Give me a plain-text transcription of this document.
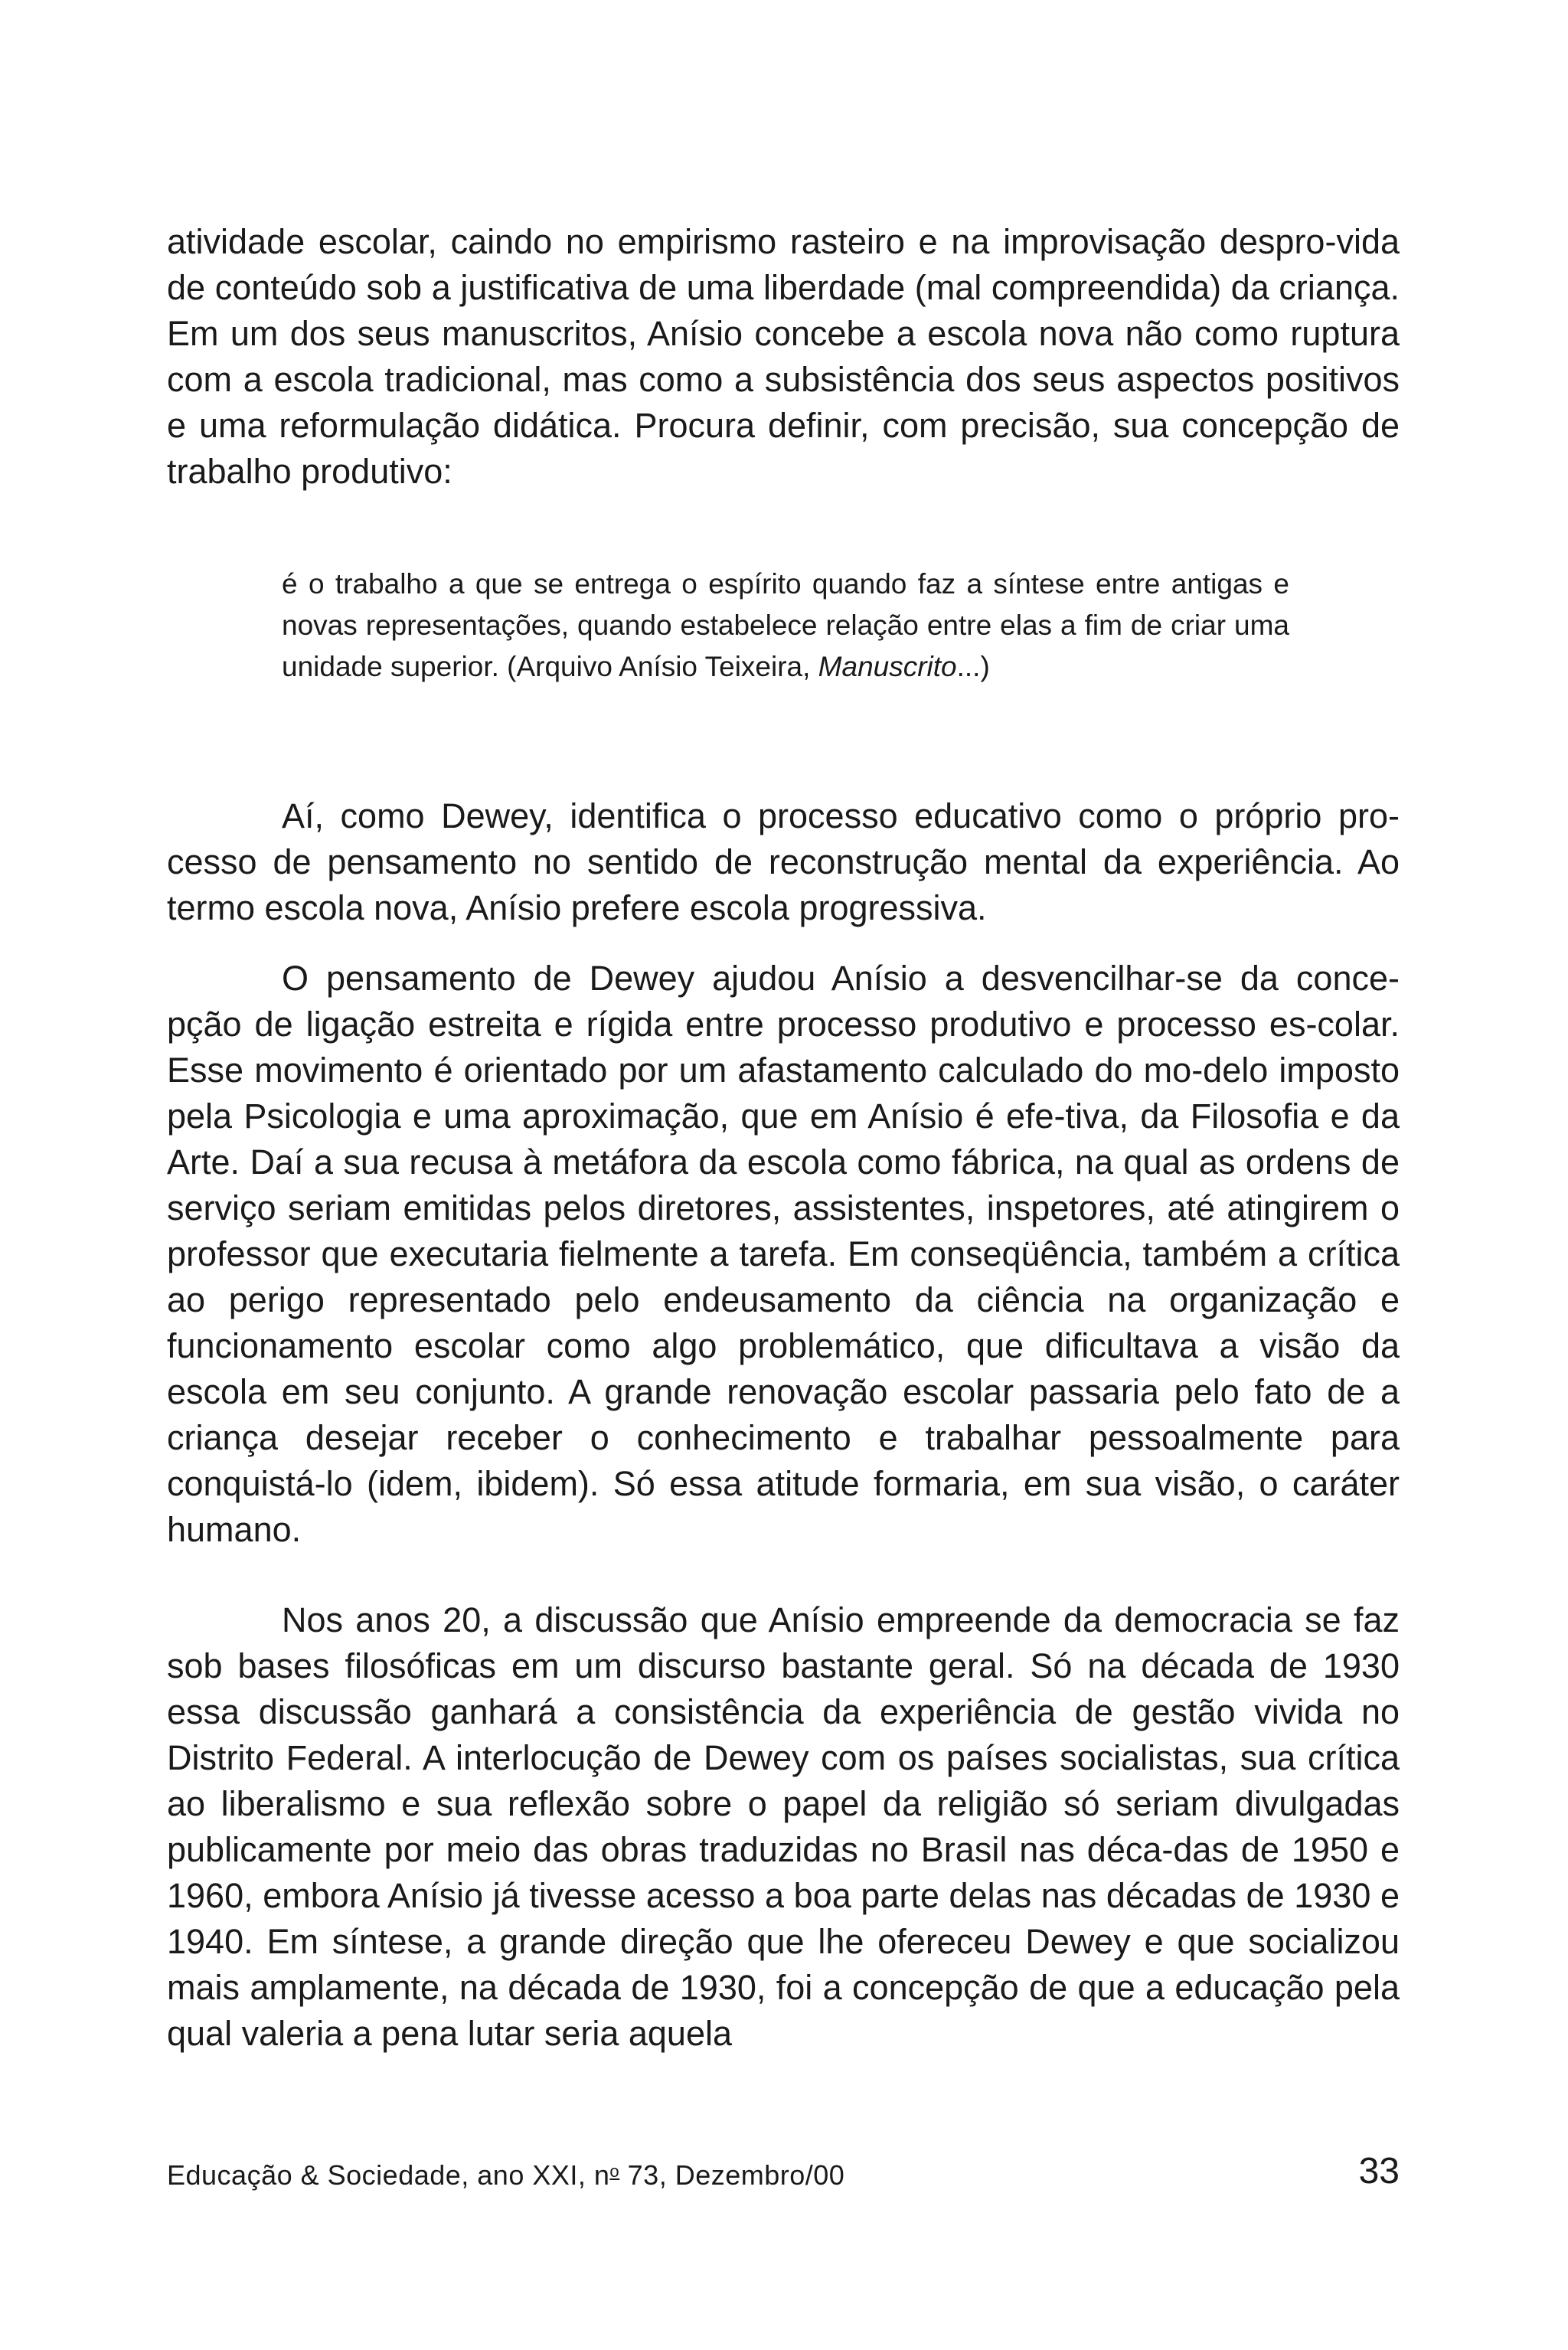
atividade escolar, caindo no empirismo rasteiro e na improvisação despro-vida de conteúdo sob a justificativa de uma liberdade (mal compreendida) da criança. Em um dos seus manuscritos, Anísio concebe a escola nova não como ruptura com a escola tradicional, mas como a subsistência dos seus aspectos positivos e uma reformulação didática. Procura definir, com precisão, sua concepção de trabalho produtivo:

é o trabalho a que se entrega o espírito quando faz a síntese entre antigas e novas representações, quando estabelece relação entre elas a fim de criar uma unidade superior. (Arquivo Anísio Teixeira, Manuscrito...)

Aí, como Dewey, identifica o processo educativo como o próprio pro-cesso de pensamento no sentido de reconstrução mental da experiência. Ao termo escola nova, Anísio prefere escola progressiva.

O pensamento de Dewey ajudou Anísio a desvencilhar-se da conce-pção de ligação estreita e rígida entre processo produtivo e processo es-colar. Esse movimento é orientado por um afastamento calculado do mo-delo imposto pela Psicologia e uma aproximação, que em Anísio é efe-tiva, da Filosofia e da Arte. Daí a sua recusa à metáfora da escola como fábrica, na qual as ordens de serviço seriam emitidas pelos diretores, assistentes, inspetores, até atingirem o professor que executaria fielmente a tarefa. Em conseqüência, também a crítica ao perigo representado pelo endeusamento da ciência na organização e funcionamento escolar como algo problemático, que dificultava a visão da escola em seu conjunto. A grande renovação escolar passaria pelo fato de a criança desejar receber o conhecimento e trabalhar pessoalmente para conquistá-lo (idem, ibidem). Só essa atitude formaria, em sua visão, o caráter humano.

Nos anos 20, a discussão que Anísio empreende da democracia se faz sob bases filosóficas em um discurso bastante geral. Só na década de 1930 essa discussão ganhará a consistência da experiência de gestão vivida no Distrito Federal. A interlocução de Dewey com os países socialistas, sua crítica ao liberalismo e sua reflexão sobre o papel da religião só seriam divulgadas publicamente por meio das obras traduzidas no Brasil nas déca-das de 1950 e 1960, embora Anísio já tivesse acesso a boa parte delas nas décadas de 1930 e 1940. Em síntese, a grande direção que lhe ofereceu Dewey e que socializou mais amplamente, na década de 1930, foi a concepção de que a educação pela qual valeria a pena lutar seria aquela

Educação & Sociedade, ano XXI, $n^o$ 73, Dezembro/00	33
